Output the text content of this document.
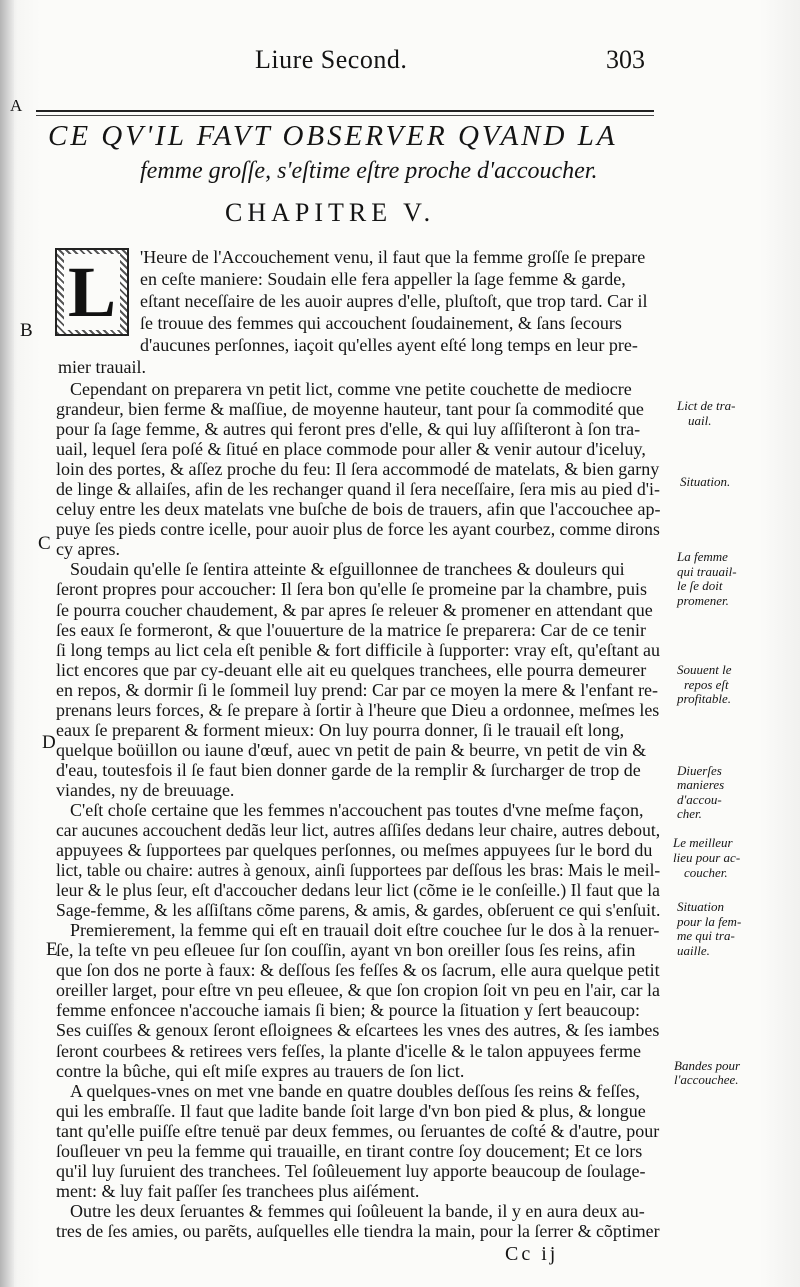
Liure Second.	303
A
CE QV'IL FAVT OBSERVER QVAND LA
femme groſſe, s'eſtime eſtre proche d'accoucher.
CHAPITRE V.
L 'Heure de l'Accouchement venu, il faut que la femme groſſe ſe prepare
en ceſte maniere: Soudain elle fera appeller la ſage femme & garde,
eſtant neceſſaire de les auoir aupres d'elle, pluſtoſt, que trop tard. Car il
ſe trouue des femmes qui accouchent ſoudainement, & ſans ſecours
d'aucunes perſonnes, iaçoit qu'elles ayent eſté long temps en leur pre-
mier trauail.
Cependant on preparera vn petit lict, comme vne petite couchette de mediocre
grandeur, bien ferme & maſſiue, de moyenne hauteur, tant pour ſa commodité que
pour ſa ſage femme, & autres qui feront pres d'elle, & qui luy aſſiſteront à ſon tra-
uail, lequel ſera poſé & ſitué en place commode pour aller & venir autour d'iceluy,
loin des portes, & aſſez proche du feu: Il ſera accommodé de matelats, & bien garny
de linge & allaiſes, afin de les rechanger quand il ſera neceſſaire, ſera mis au pied d'i-
celuy entre les deux matelats vne buſche de bois de trauers, afin que l'accouchee ap-
puye ſes pieds contre icelle, pour auoir plus de force les ayant courbez, comme dirons
cy apres.
Soudain qu'elle ſe ſentira atteinte & eſguillonnee de tranchees & douleurs qui
ſeront propres pour accoucher: Il ſera bon qu'elle ſe promeine par la chambre, puis
ſe pourra coucher chaudement, & par apres ſe releuer & promener en attendant que
ſes eaux ſe formeront, & que l'ouuerture de la matrice ſe preparera: Car de ce tenir
ſi long temps au lict cela eſt penible & fort difficile à ſupporter: vray eſt, qu'eſtant au
lict encores que par cy-deuant elle ait eu quelques tranchees, elle pourra demeurer
en repos, & dormir ſi le ſommeil luy prend: Car par ce moyen la mere & l'enfant re-
prenans leurs forces, & ſe prepare à ſortir à l'heure que Dieu a ordonnee, meſmes les
eaux ſe preparent & forment mieux: On luy pourra donner, ſi le trauail eſt long,
quelque boüillon ou iaune d'œuf, auec vn petit de pain & beurre, vn petit de vin &
d'eau, toutesfois il ſe faut bien donner garde de la remplir & ſurcharger de trop de
viandes, ny de breuuage.
C'eſt choſe certaine que les femmes n'accouchent pas toutes d'vne meſme façon,
car aucunes accouchent dedãs leur lict, autres aſſiſes dedans leur chaire, autres debout,
appuyees & ſupportees par quelques perſonnes, ou meſmes appuyees ſur le bord du
lict, table ou chaire: autres à genoux, ainſi ſupportees par deſſous les bras: Mais le meil-
leur & le plus ſeur, eſt d'accoucher dedans leur lict (cõme ie le conſeille.) Il faut que la
Sage-femme, & les aſſiſtans cõme parens, & amis, & gardes, obſeruent ce qui s'enſuit.
Premierement, la femme qui eſt en trauail doit eſtre couchee ſur le dos à la renuer-
ſe, la teſte vn peu eſleuee ſur ſon couſſin, ayant vn bon oreiller ſous ſes reins, afin
que ſon dos ne porte à faux: & deſſous ſes feſſes & os ſacrum, elle aura quelque petit
oreiller larget, pour eſtre vn peu eſleuee, & que ſon cropion ſoit vn peu en l'air, car la
femme enfoncee n'accouche iamais ſi bien; & pource la ſituation y ſert beaucoup:
Ses cuiſſes & genoux ſeront eſloignees & eſcartees les vnes des autres, & ſes iambes
ſeront courbees & retirees vers feſſes, la plante d'icelle & le talon appuyees ferme
contre la bûche, qui eſt miſe expres au trauers de ſon lict.
A quelques-vnes on met vne bande en quatre doubles deſſous ſes reins & feſſes,
qui les embraſſe. Il faut que ladite bande ſoit large d'vn bon pied & plus, & longue
tant qu'elle puiſſe eſtre tenuë par deux femmes, ou ſeruantes de coſté & d'autre, pour
ſouſleuer vn peu la femme qui trauaille, en tirant contre ſoy doucement; Et ce lors
qu'il luy ſuruient des tranchees. Tel ſoûleuement luy apporte beaucoup de ſoulage-
ment: & luy fait paſſer ſes tranchees plus aiſément.
Outre les deux ſeruantes & femmes qui ſoûleuent la bande, il y en aura deux au-
tres de ſes amies, ou parẽts, auſquelles elle tiendra la main, pour la ſerrer & cõptimer
Lict de tra-
uail.
Situation.
La femme
qui trauail-
le ſe doit
promener.
Souuent le
repos eſt
profitable.
Diuerſes
manieres
d'accou-
cher.
Le meilleur
lieu pour ac-
coucher.
Situation
pour la fem-
me qui tra-
uaille.
Bandes pour
l'accouchee.
B
C
D
E
Cc ij
